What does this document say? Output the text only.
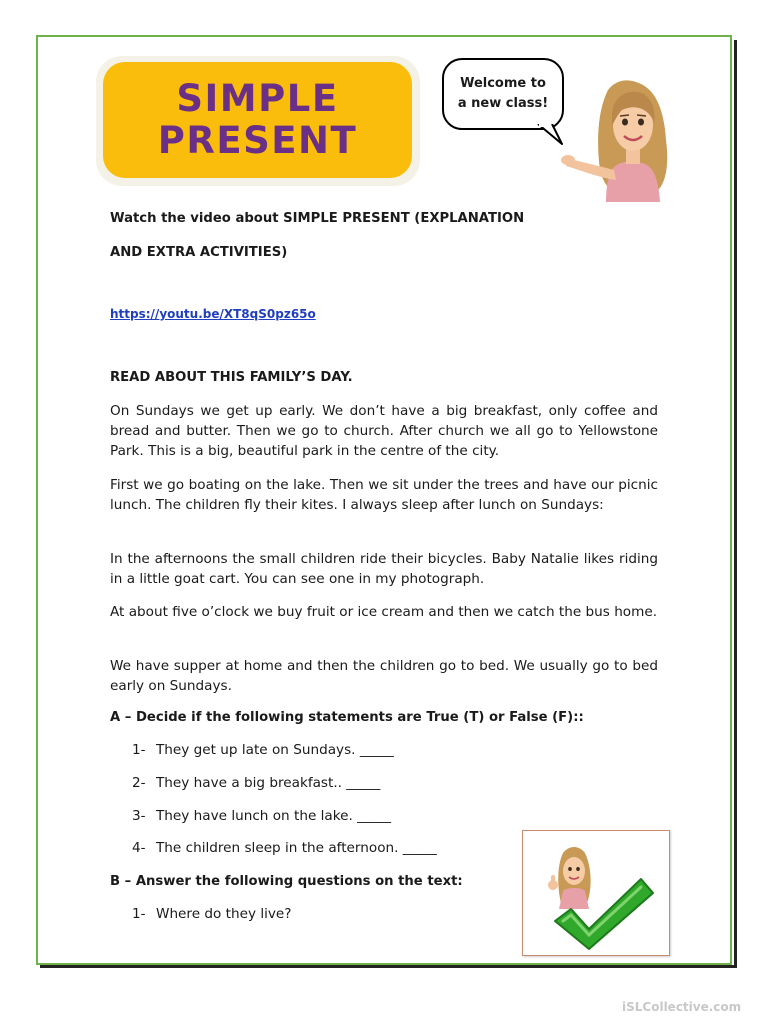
SIMPLE
PRESENT
Welcome to
a new class!
Watch the video about SIMPLE PRESENT (EXPLANATION
AND EXTRA ACTIVITIES)
https://youtu.be/XT8qS0pz65o
READ ABOUT THIS FAMILY’S DAY.
On Sundays we get up early. We don’t have a big breakfast, only coffee and bread and butter. Then we go to church. After church we all go to Yellowstone Park. This is a big, beautiful park in the centre of the city.
First we go boating on the lake. Then we sit under the trees and have our picnic lunch. The children fly their kites. I always sleep after lunch on Sundays:
In the afternoons the small children ride their bicycles. Baby Natalie likes riding in a little goat cart. You can see one in my photograph.
At about five o’clock we buy fruit or ice cream and then we catch the bus home.
We have supper at home and then the children go to bed. We usually go to bed early on Sundays.
A – Decide if the following statements are True (T) or False (F)::
1- They get up late on Sundays. _____
2- They have a big breakfast.. _____
3- They have lunch on the lake. _____
4- The children sleep in the afternoon. _____
B – Answer the following questions on the text:
1- Where do they live?
iSLCollective.com
